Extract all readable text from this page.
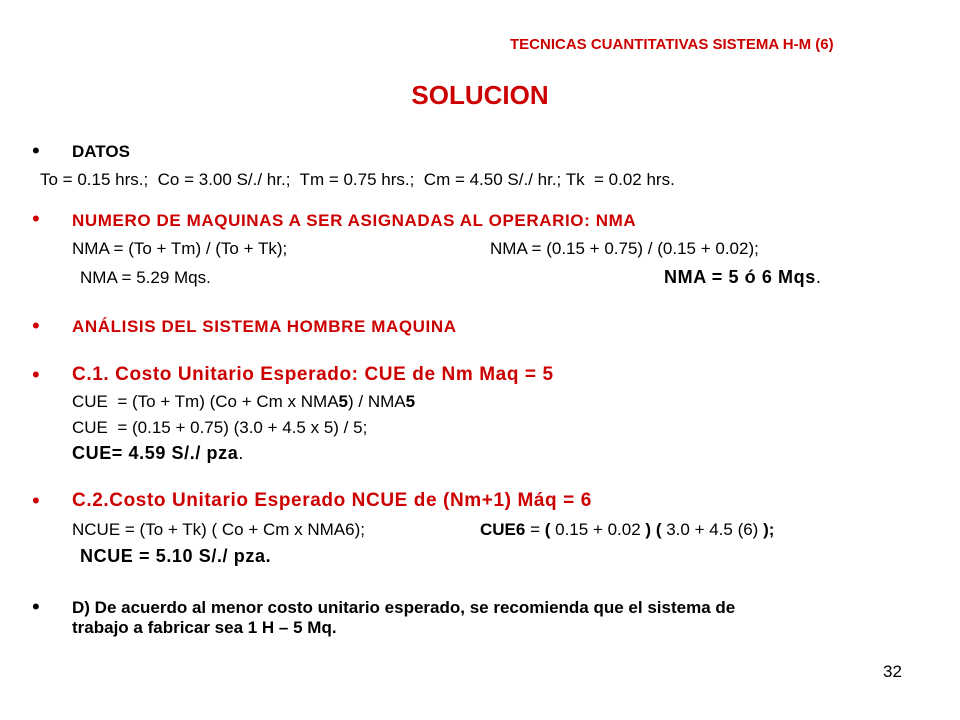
TECNICAS CUANTITATIVAS SISTEMA H-M (6)
SOLUCION
• DATOS
To = 0.15 hrs.;  Co = 3.00 S/./ hr.;  Tm = 0.75 hrs.;  Cm = 4.50 S/./ hr.; Tk  = 0.02 hrs.
• NUMERO DE MAQUINAS A SER ASIGNADAS AL OPERARIO: NMA
NMA = (To + Tm) / (To + Tk);	NMA = (0.15 + 0.75) / (0.15 + 0.02);
NMA = 5.29 Mqs.	NMA = 5 ó 6 Mqs.
• ANÁLISIS DEL SISTEMA HOMBRE MAQUINA
• C.1. Costo Unitario Esperado: CUE de Nm Maq = 5
CUE  = (To + Tm) (Co + Cm x NMA5) / NMA5
CUE  = (0.15 + 0.75) (3.0 + 4.5 x 5) / 5;
CUE= 4.59 S/./ pza.
• C.2.Costo Unitario Esperado NCUE de (Nm+1) Máq = 6
NCUE = (To + Tk) ( Co + Cm x NMA6);	CUE6 = ( 0.15 + 0.02 ) ( 3.0 + 4.5 (6) );
NCUE = 5.10 S/./ pza.
• D) De acuerdo al menor costo unitario esperado, se recomienda que el sistema de
trabajo a fabricar sea 1 H – 5 Mq.
32
